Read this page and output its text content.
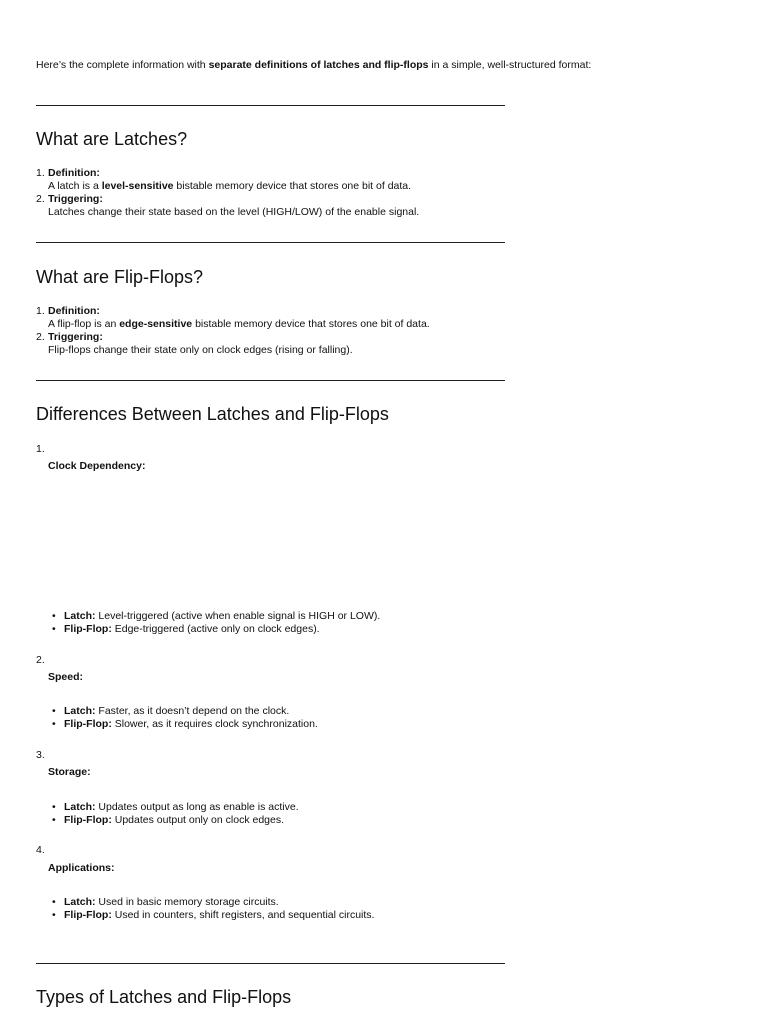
Here’s the complete information with separate definitions of latches and flip-flops in a simple, well-structured format:

What are Latches?
1. Definition:
A latch is a level-sensitive bistable memory device that stores one bit of data.
2. Triggering:
Latches change their state based on the level (HIGH/LOW) of the enable signal.
What are Flip-Flops?
1. Definition:
A flip-flop is an edge-sensitive bistable memory device that stores one bit of data.
2. Triggering:
Flip-flops change their state only on clock edges (rising or falling).
Differences Between Latches and Flip-Flops
1.
Clock Dependency:
• Latch: Level-triggered (active when enable signal is HIGH or LOW).
• Flip-Flop: Edge-triggered (active only on clock edges).
2.
Speed:
• Latch: Faster, as it doesn’t depend on the clock.
• Flip-Flop: Slower, as it requires clock synchronization.
3.
Storage:
• Latch: Updates output as long as enable is active.
• Flip-Flop: Updates output only on clock edges.
4.
Applications:
• Latch: Used in basic memory storage circuits.
• Flip-Flop: Used in counters, shift registers, and sequential circuits.
Types of Latches and Flip-Flops
